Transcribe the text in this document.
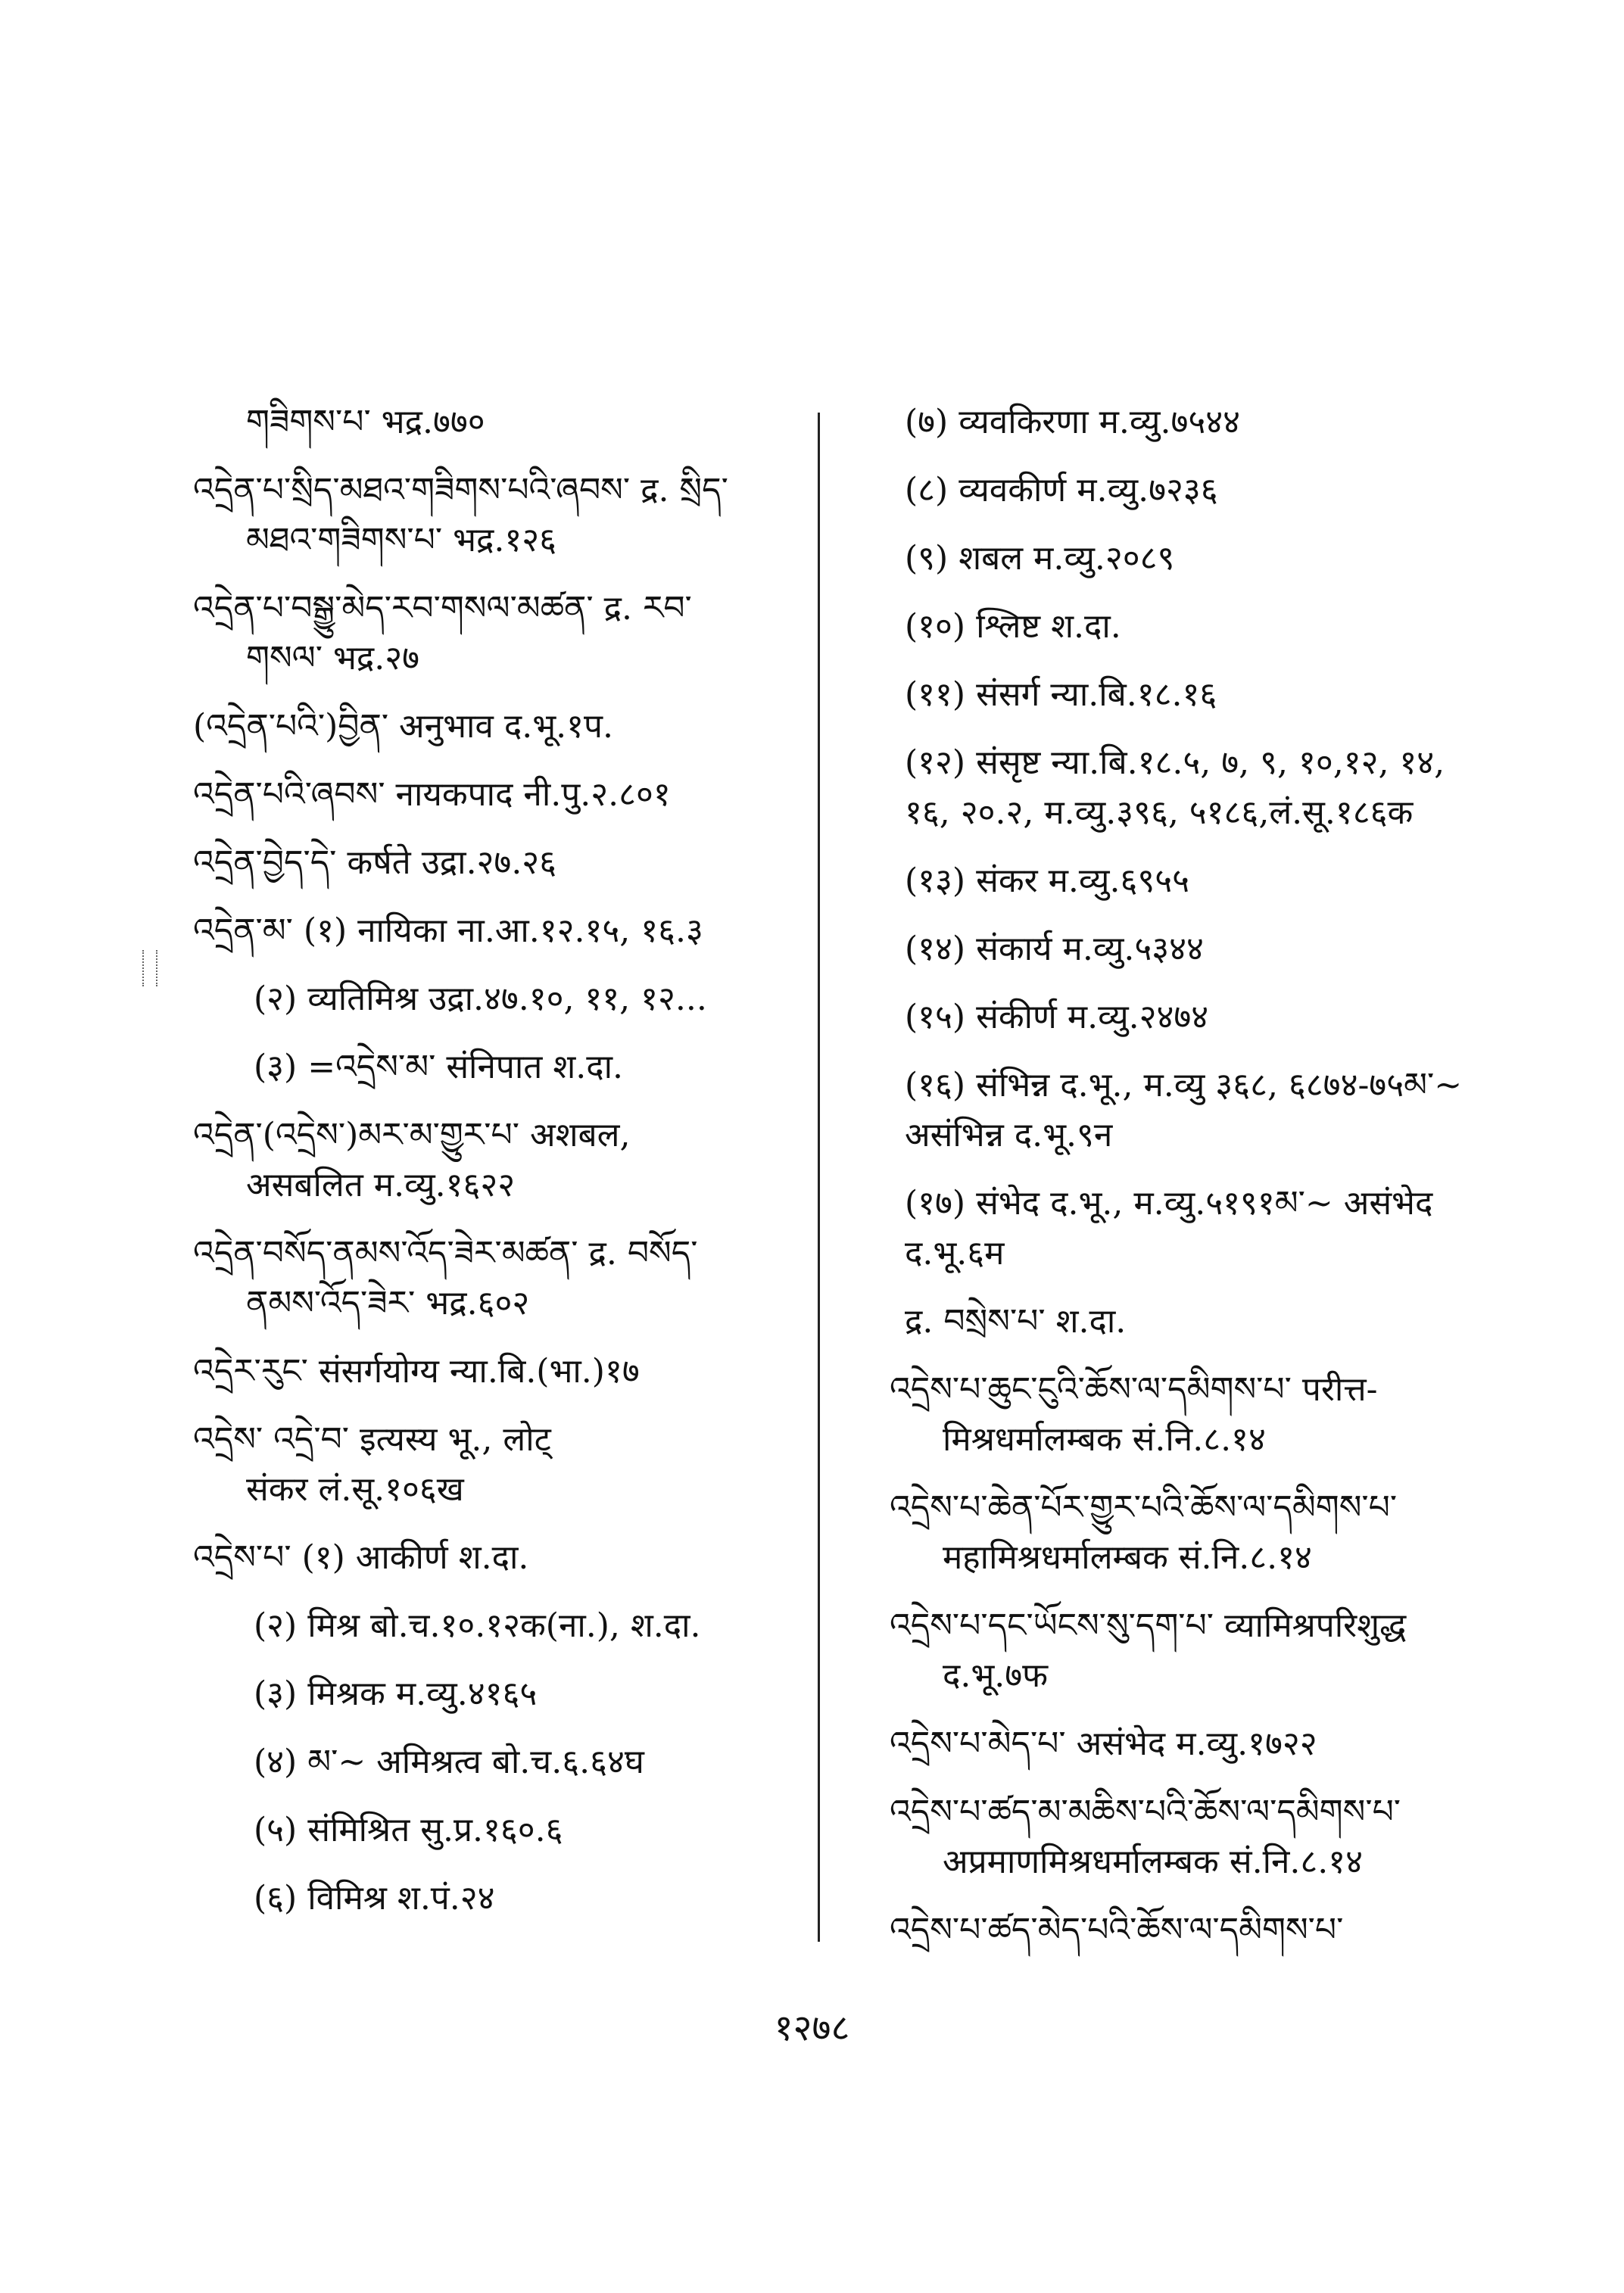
གཟིགས་པ་ भद्र.७७०
འདྲེན་པ་སྲིད་མཐའ་གཟིགས་པའི་ཞབས་ द्र. སྲིད་
མཐའ་གཟིགས་པ་ भद्र.१२६
འདྲེན་པ་བསྒྱུ་མེད་རབ་གསལ་མཚན་ द्र. རབ་
གསལ་ भद्र.२७
(འདྲེན་པའི་)བྱིན་ अनुभाव द.भू.१प.
འདྲེན་པའི་ཞབས་ नायकपाद नी.पु.२.८०१
འདྲེན་བྱེད་དེ་ कर्षते उद्रा.२७.२६
འདྲེན་མ་ (१) नायिका ना.आ.१२.१५, १६.३
(२) व्यतिमिश्र उद्रा.४७.१०, ११, १२...
(३) =འདྲེས་མ་ संनिपात श.दा.
འདྲེན་(འདྲེས་)མར་མ་གྱུར་པ་ अशबल,
असबलित म.व्यु.१६२२
འདྲེན་བསོད་ནམས་འོད་ཟེར་མཚན་ द्र. བསོད་
ནམས་འོད་ཟེར་ भद्र.६०२
འདྲེར་རུང་ संसर्गयोग्य न्या.बि.(भा.)१७
འདྲེས་ འདྲེ་བ་ इत्यस्य भू., लोट्
संकर लं.सू.१०६ख
འདྲེས་པ་ (१) आकीर्ण श.दा.
(२) मिश्र बो.च.१०.१२क(ना.), श.दा.
(३) मिश्रक म.व्यु.४१६५
(४) མ་~ अमिश्रत्व बो.च.६.६४घ
(५) संमिश्रित सु.प्र.१६०.६
(६) विमिश्र श.पं.२४
(७) व्यवकिरणा म.व्यु.७५४४
(८) व्यवकीर्ण म.व्यु.७२३६
(९) शबल म.व्यु.२०८९
(१०) श्लिष्ट श.दा.
(११) संसर्ग न्या.बि.१८.१६
(१२) संसृष्ट न्या.बि.१८.५, ७, ९, १०,१२, १४, १६, २०.२, म.व्यु.३९६, ५१८६,लं.सू.१८६क
(१३) संकर म.व्यु.६९५५
(१४) संकार्य म.व्यु.५३४४
(१५) संकीर्ण म.व्यु.२४७४
(१६) संभिन्न द.भू., म.व्यु ३६८, ६८७४-७५མ་~ असंभिन्न द.भू.९न
(१७) संभेद द.भू., म.व्यु.५१९१མ་~ असंभेद द.भू.६म
द्र. བསྲེས་པ་ श.दा.
འདྲེས་པ་ཆུང་ངུའི་ཆོས་ལ་དམིགས་པ་ परीत्त-
मिश्रधर्मालम्बक सं.नि.८.१४
འདྲེས་པ་ཆེན་པོར་གྱུར་པའི་ཆོས་ལ་དམིགས་པ་
महामिश्रधर्मालम्बक सं.नि.८.१४
འདྲེས་པ་དང་ཡོངས་སུ་དག་པ་ व्यामिश्रपरिशुद्ध
द.भू.७फ
འདྲེས་པ་མེད་པ་ असंभेद म.व्यु.१७२२
འདྲེས་པ་ཚད་མ་མཆིས་པའི་ཆོས་ལ་དམིགས་པ་
अप्रमाणमिश्रधर्मालम्बक सं.नि.८.१४
འདྲེས་པ་ཚད་མེད་པའི་ཆོས་ལ་དམིགས་པ་
१२७८
